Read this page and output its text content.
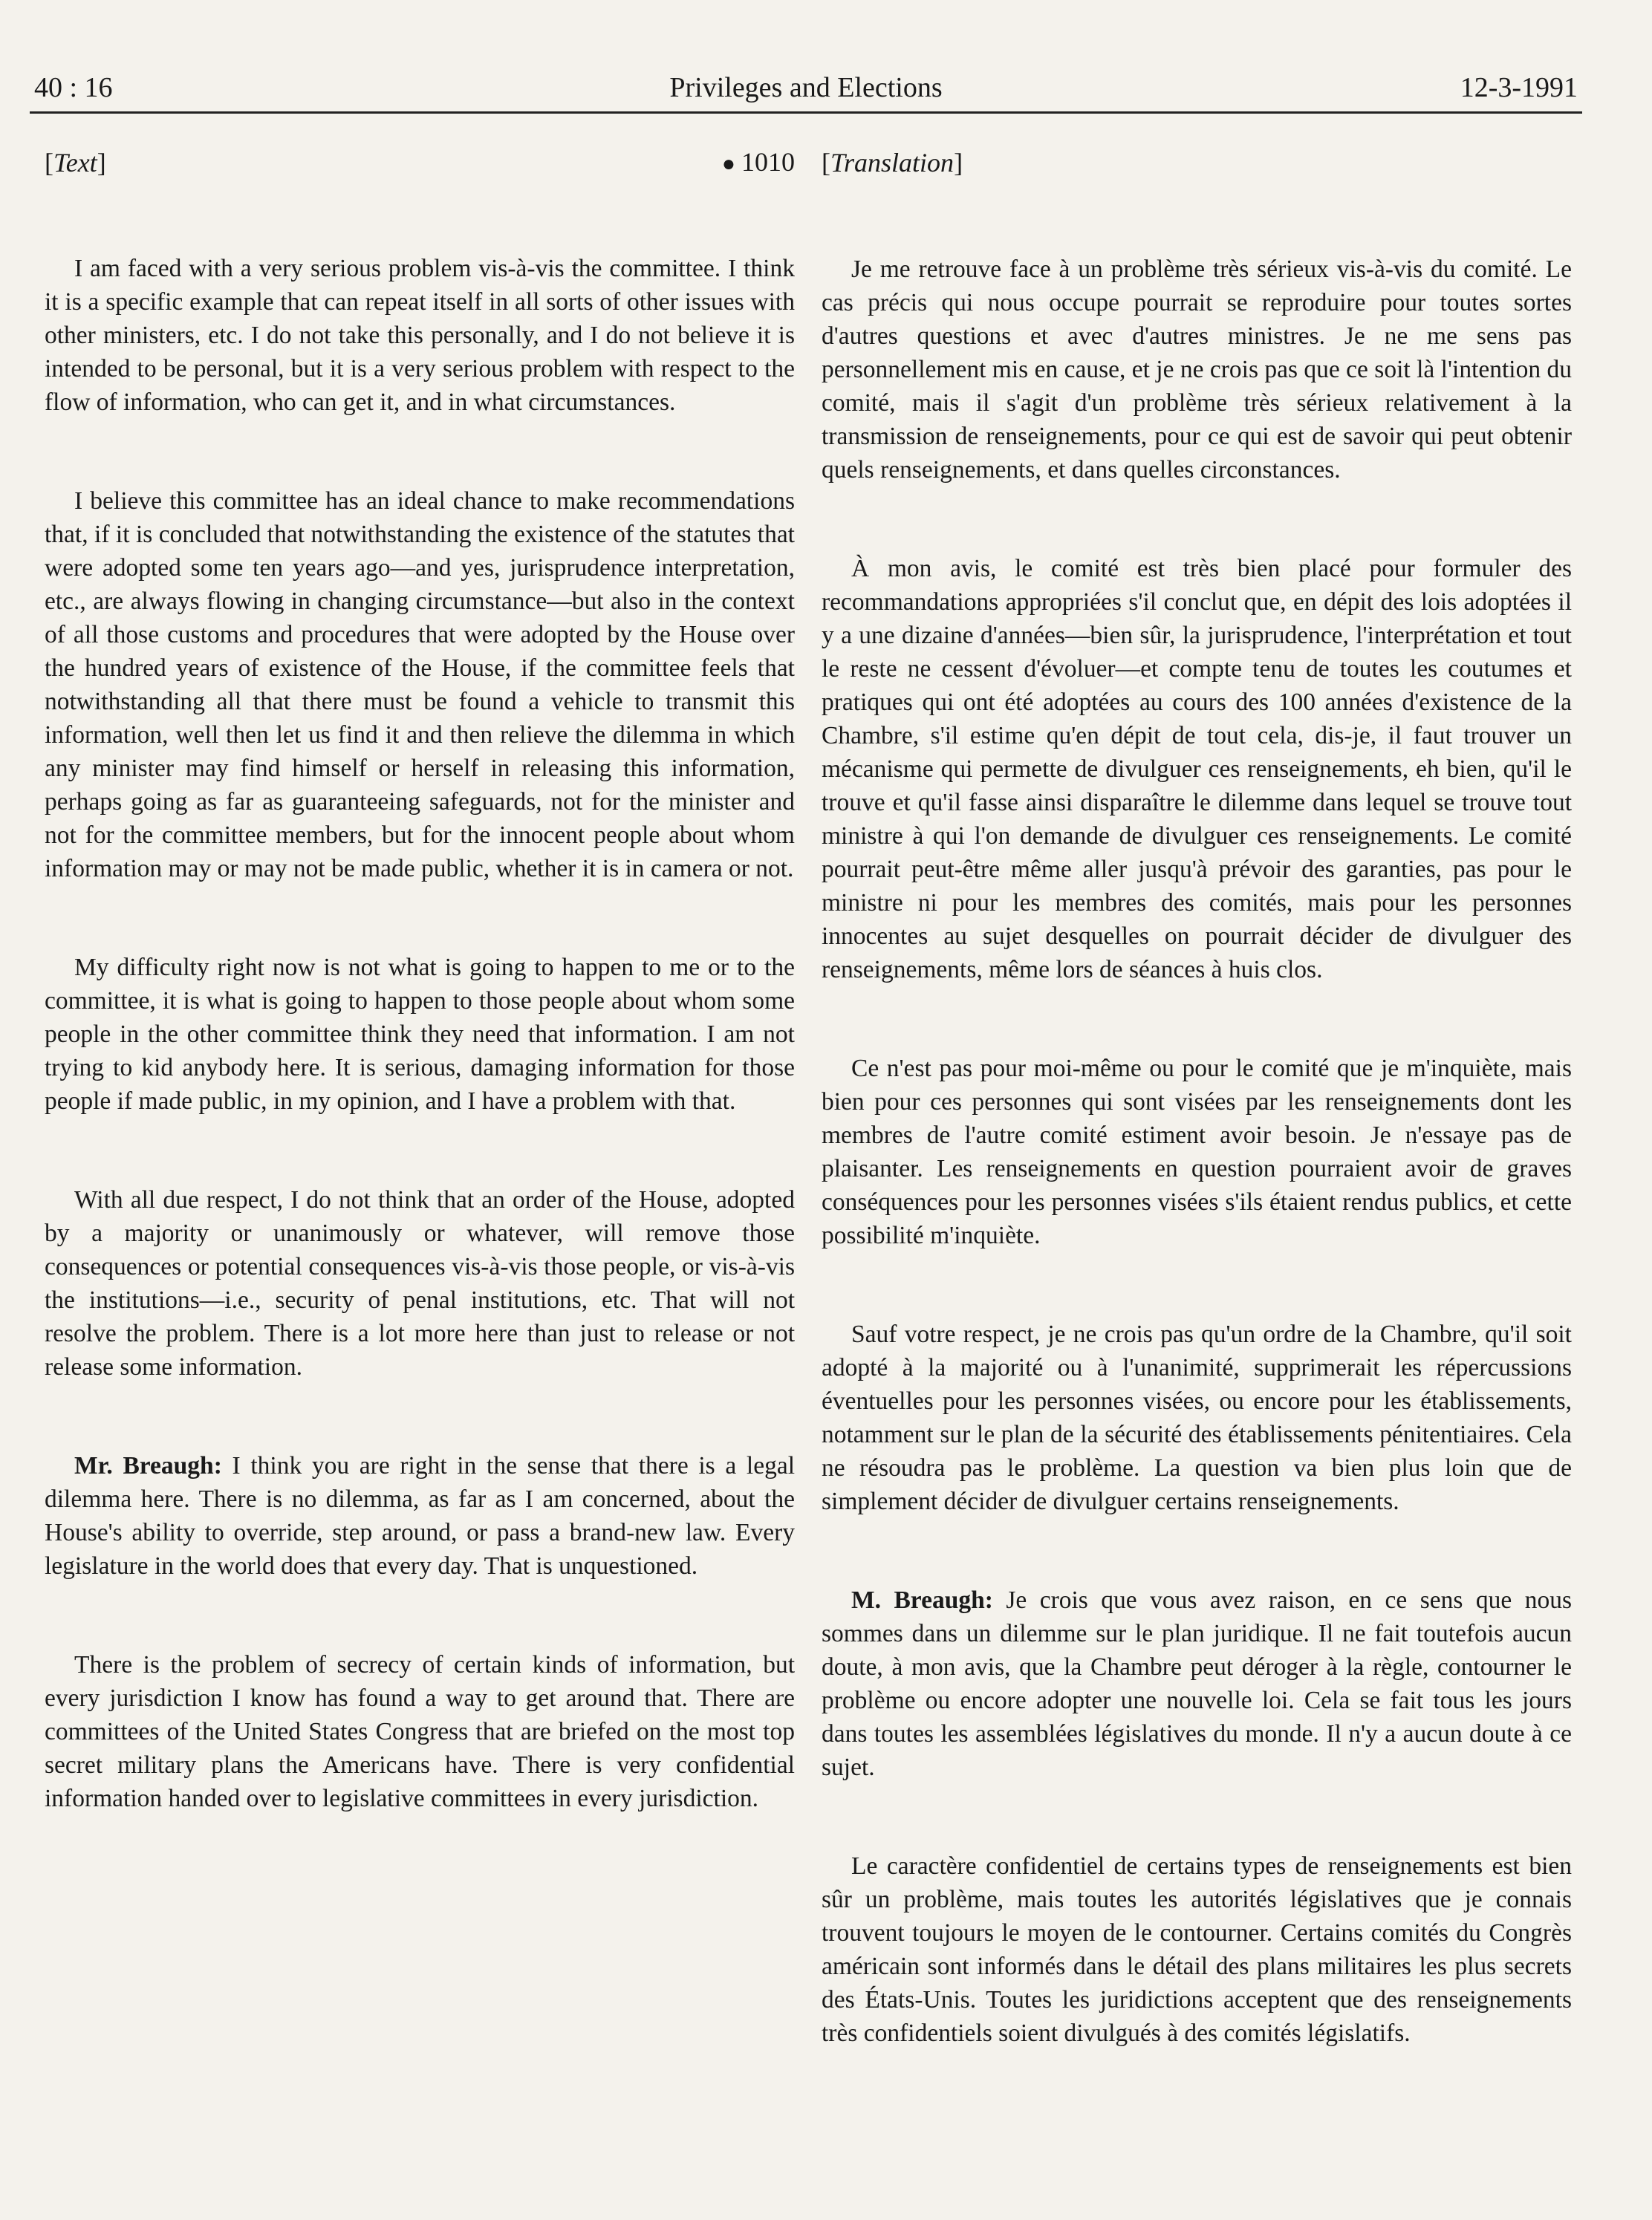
40 : 16	Privileges and Elections	12-3-1991
[Text]	● 1010

I am faced with a very serious problem vis-à-vis the committee. I think it is a specific example that can repeat itself in all sorts of other issues with other ministers, etc. I do not take this personally, and I do not believe it is intended to be personal, but it is a very serious problem with respect to the flow of information, who can get it, and in what circumstances.

I believe this committee has an ideal chance to make recommendations that, if it is concluded that notwithstanding the existence of the statutes that were adopted some ten years ago—and yes, jurisprudence interpretation, etc., are always flowing in changing circumstance—but also in the context of all those customs and procedures that were adopted by the House over the hundred years of existence of the House, if the committee feels that notwithstanding all that there must be found a vehicle to transmit this information, well then let us find it and then relieve the dilemma in which any minister may find himself or herself in releasing this information, perhaps going as far as guaranteeing safeguards, not for the minister and not for the committee members, but for the innocent people about whom information may or may not be made public, whether it is in camera or not.

My difficulty right now is not what is going to happen to me or to the committee, it is what is going to happen to those people about whom some people in the other committee think they need that information. I am not trying to kid anybody here. It is serious, damaging information for those people if made public, in my opinion, and I have a problem with that.

With all due respect, I do not think that an order of the House, adopted by a majority or unanimously or whatever, will remove those consequences or potential consequences vis-à-vis those people, or vis-à-vis the institutions—i.e., security of penal institutions, etc. That will not resolve the problem. There is a lot more here than just to release or not release some information.

Mr. Breaugh: I think you are right in the sense that there is a legal dilemma here. There is no dilemma, as far as I am concerned, about the House's ability to override, step around, or pass a brand-new law. Every legislature in the world does that every day. That is unquestioned.

There is the problem of secrecy of certain kinds of information, but every jurisdiction I know has found a way to get around that. There are committees of the United States Congress that are briefed on the most top secret military plans the Americans have. There is very confidential information handed over to legislative committees in every jurisdiction.

[Translation]

Je me retrouve face à un problème très sérieux vis-à-vis du comité. Le cas précis qui nous occupe pourrait se reproduire pour toutes sortes d'autres questions et avec d'autres ministres. Je ne me sens pas personnellement mis en cause, et je ne crois pas que ce soit là l'intention du comité, mais il s'agit d'un problème très sérieux relativement à la transmission de renseignements, pour ce qui est de savoir qui peut obtenir quels renseignements, et dans quelles circonstances.

À mon avis, le comité est très bien placé pour formuler des recommandations appropriées s'il conclut que, en dépit des lois adoptées il y a une dizaine d'années—bien sûr, la jurisprudence, l'interprétation et tout le reste ne cessent d'évoluer—et compte tenu de toutes les coutumes et pratiques qui ont été adoptées au cours des 100 années d'existence de la Chambre, s'il estime qu'en dépit de tout cela, dis-je, il faut trouver un mécanisme qui permette de divulguer ces renseignements, eh bien, qu'il le trouve et qu'il fasse ainsi disparaître le dilemme dans lequel se trouve tout ministre à qui l'on demande de divulguer ces renseignements. Le comité pourrait peut-être même aller jusqu'à prévoir des garanties, pas pour le ministre ni pour les membres des comités, mais pour les personnes innocentes au sujet desquelles on pourrait décider de divulguer des renseignements, même lors de séances à huis clos.

Ce n'est pas pour moi-même ou pour le comité que je m'inquiète, mais bien pour ces personnes qui sont visées par les renseignements dont les membres de l'autre comité estiment avoir besoin. Je n'essaye pas de plaisanter. Les renseignements en question pourraient avoir de graves conséquences pour les personnes visées s'ils étaient rendus publics, et cette possibilité m'inquiète.

Sauf votre respect, je ne crois pas qu'un ordre de la Chambre, qu'il soit adopté à la majorité ou à l'unanimité, supprimerait les répercussions éventuelles pour les personnes visées, ou encore pour les établissements, notamment sur le plan de la sécurité des établissements pénitentiaires. Cela ne résoudra pas le problème. La question va bien plus loin que de simplement décider de divulguer certains renseignements.

M. Breaugh: Je crois que vous avez raison, en ce sens que nous sommes dans un dilemme sur le plan juridique. Il ne fait toutefois aucun doute, à mon avis, que la Chambre peut déroger à la règle, contourner le problème ou encore adopter une nouvelle loi. Cela se fait tous les jours dans toutes les assemblées législatives du monde. Il n'y a aucun doute à ce sujet.

Le caractère confidentiel de certains types de renseignements est bien sûr un problème, mais toutes les autorités législatives que je connais trouvent toujours le moyen de le contourner. Certains comités du Congrès américain sont informés dans le détail des plans militaires les plus secrets des États-Unis. Toutes les juridictions acceptent que des renseignements très confidentiels soient divulgués à des comités législatifs.
